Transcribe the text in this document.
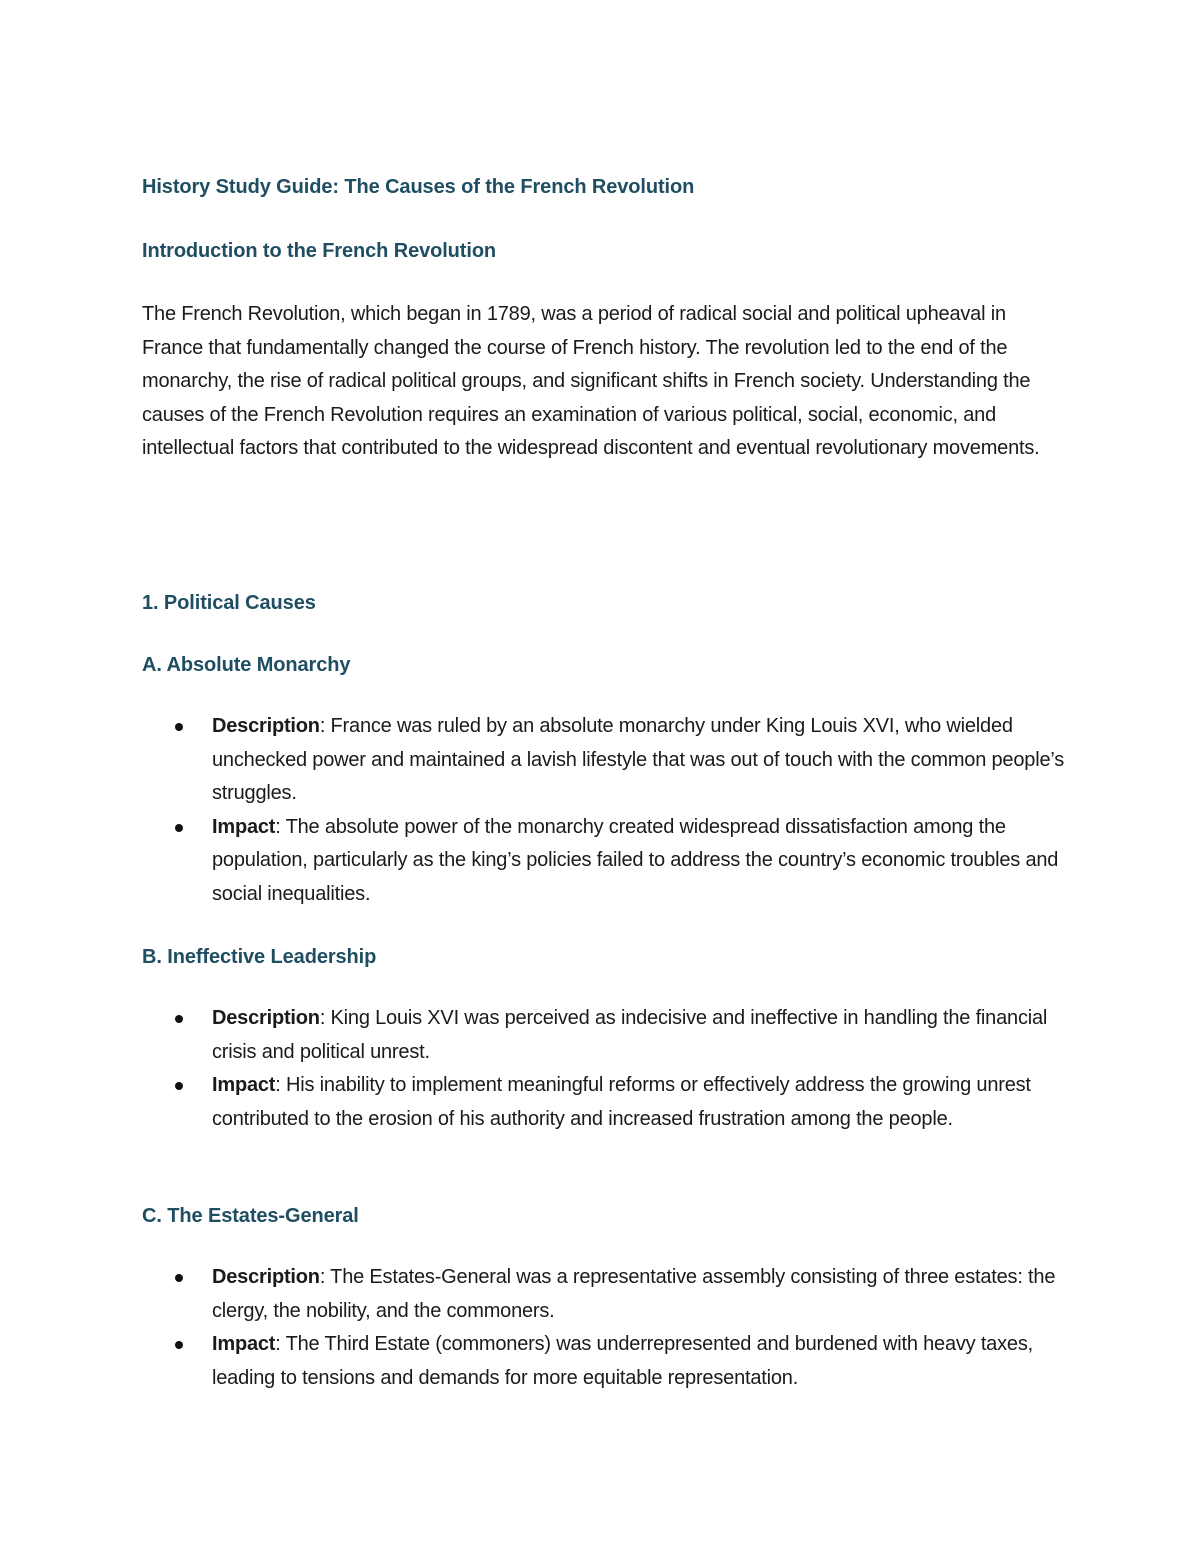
History Study Guide: The Causes of the French Revolution
Introduction to the French Revolution

The French Revolution, which began in 1789, was a period of radical social and political upheaval in France that fundamentally changed the course of French history. The revolution led to the end of the monarchy, the rise of radical political groups, and significant shifts in French society. Understanding the causes of the French Revolution requires an examination of various political, social, economic, and intellectual factors that contributed to the widespread discontent and eventual revolutionary movements.

1. Political Causes
A. Absolute Monarchy
Description: France was ruled by an absolute monarchy under King Louis XVI, who wielded unchecked power and maintained a lavish lifestyle that was out of touch with the common people’s struggles.
Impact: The absolute power of the monarchy created widespread dissatisfaction among the population, particularly as the king’s policies failed to address the country’s economic troubles and social inequalities.
B. Ineffective Leadership
Description: King Louis XVI was perceived as indecisive and ineffective in handling the financial crisis and political unrest.
Impact: His inability to implement meaningful reforms or effectively address the growing unrest contributed to the erosion of his authority and increased frustration among the people.
C. The Estates-General
Description: The Estates-General was a representative assembly consisting of three estates: the clergy, the nobility, and the commoners.
Impact: The Third Estate (commoners) was underrepresented and burdened with heavy taxes, leading to tensions and demands for more equitable representation.
